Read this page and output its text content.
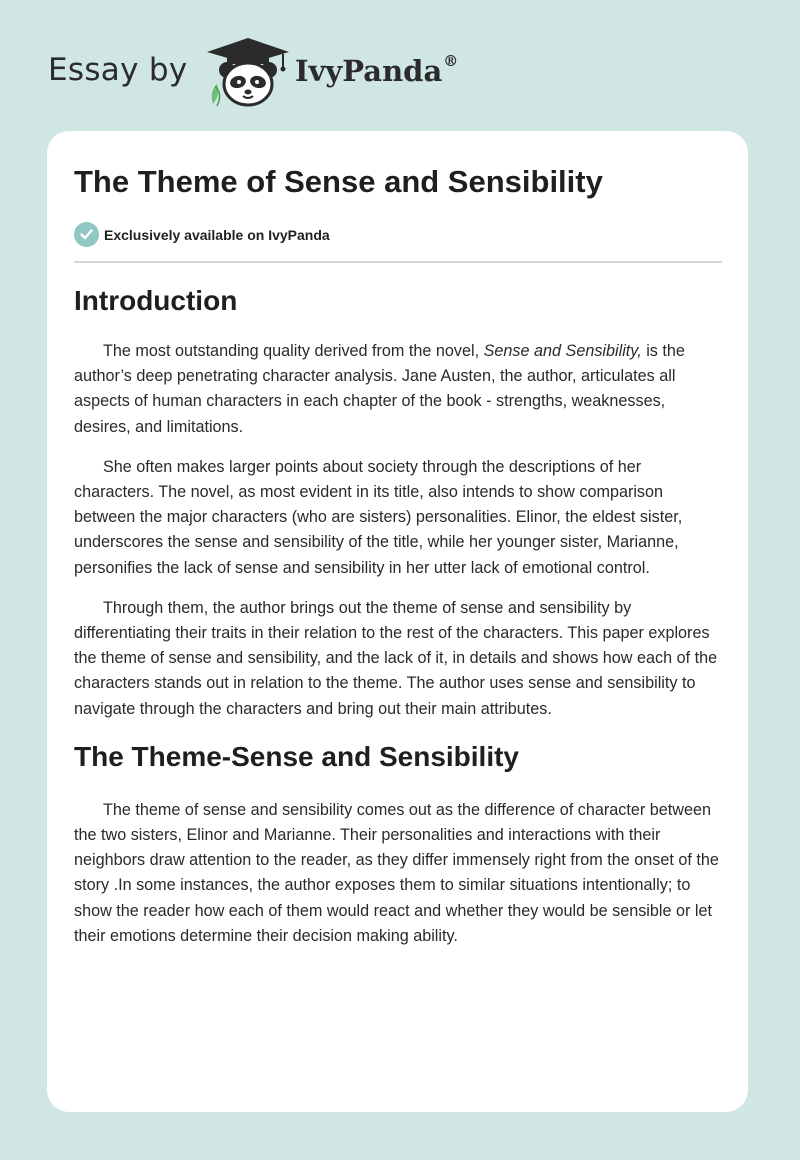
Essay by	IvyPanda®
The Theme of Sense and Sensibility
Exclusively available on IvyPanda
Introduction

The most outstanding quality derived from the novel, Sense and Sensibility, is the author’s deep penetrating character analysis. Jane Austen, the author, articulates all aspects of human characters in each chapter of the book - strengths, weaknesses, desires, and limitations.

She often makes larger points about society through the descriptions of her characters. The novel, as most evident in its title, also intends to show comparison between the major characters (who are sisters) personalities. Elinor, the eldest sister, underscores the sense and sensibility of the title, while her younger sister, Marianne, personifies the lack of sense and sensibility in her utter lack of emotional control.

Through them, the author brings out the theme of sense and sensibility by differentiating their traits in their relation to the rest of the characters. This paper explores the theme of sense and sensibility, and the lack of it, in details and shows how each of the characters stands out in relation to the theme. The author uses sense and sensibility to navigate through the characters and bring out their main attributes.

The Theme-Sense and Sensibility

The theme of sense and sensibility comes out as the difference of character between the two sisters, Elinor and Marianne. Their personalities and interactions with their neighbors draw attention to the reader, as they differ immensely right from the onset of the story .In some instances, the author exposes them to similar situations intentionally; to show the reader how each of them would react and whether they would be sensible or let their emotions determine their decision making ability.
